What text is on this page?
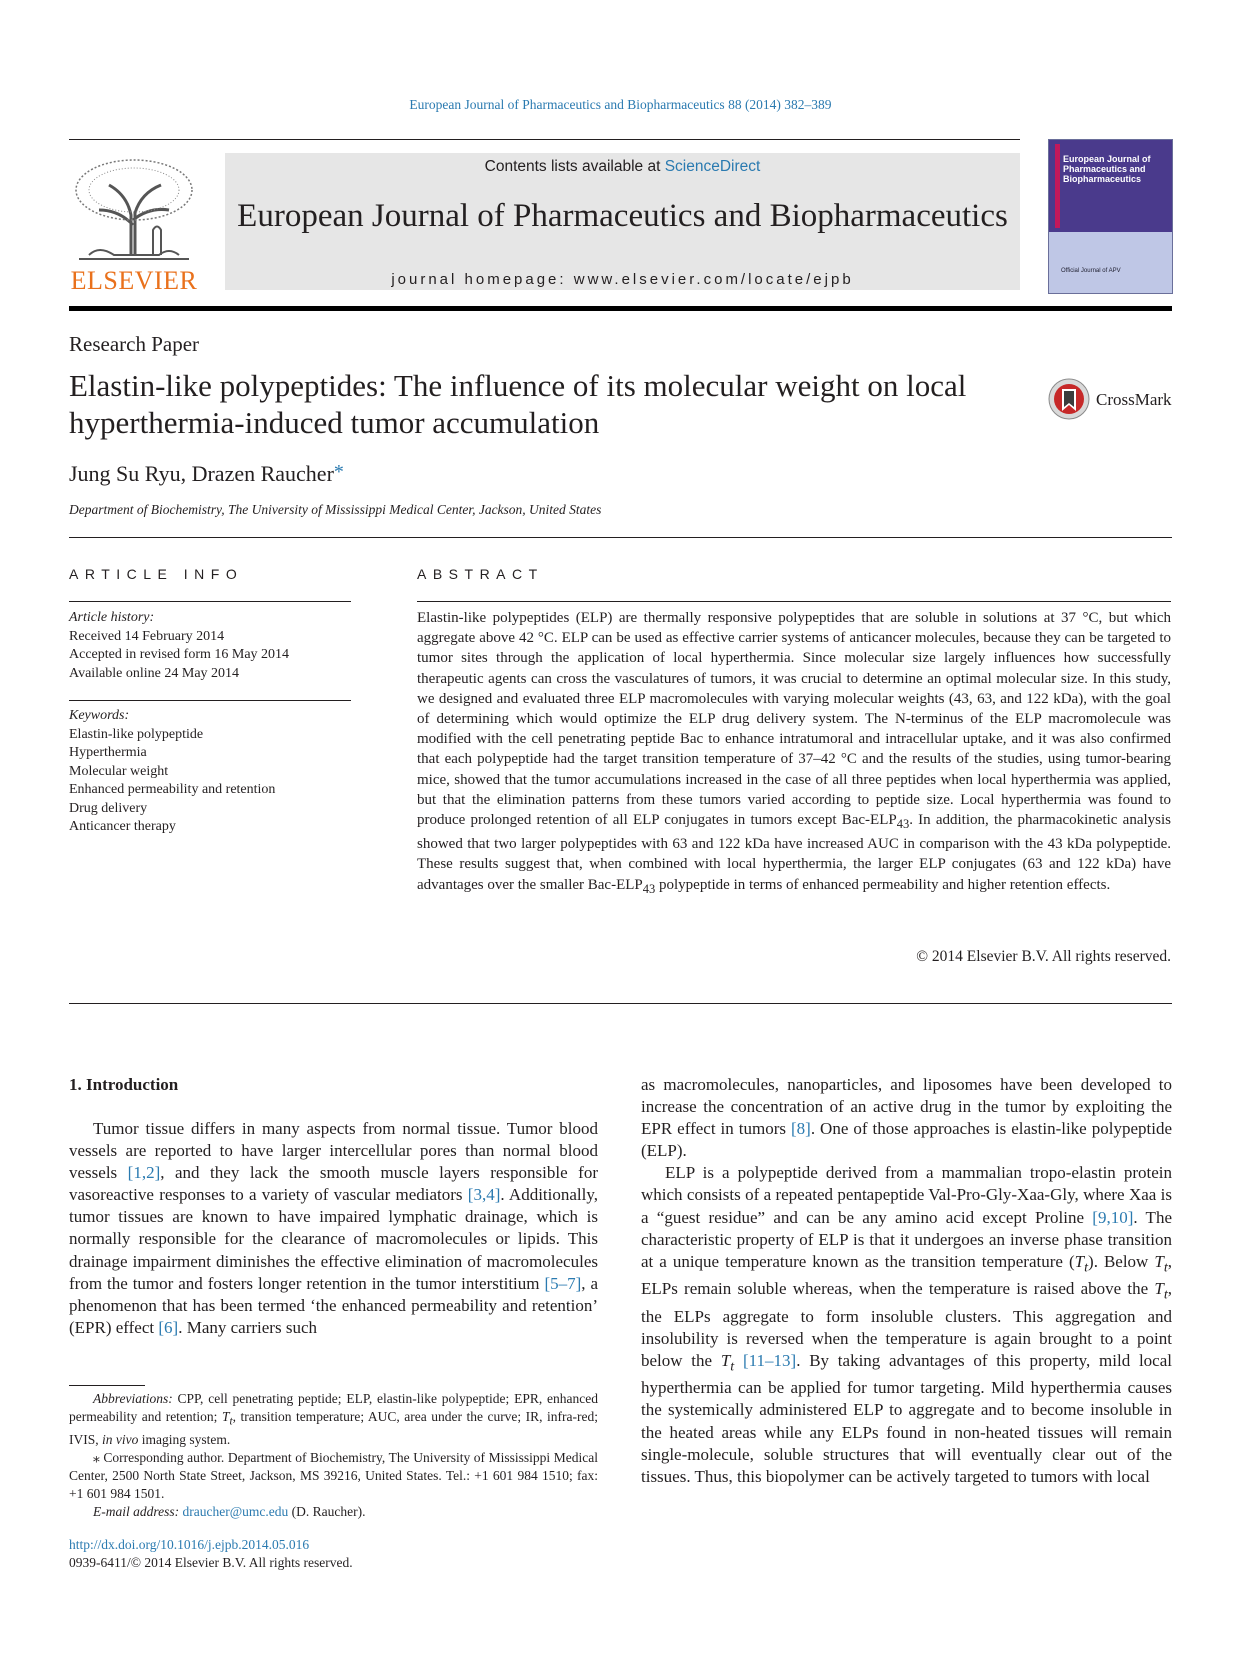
European Journal of Pharmaceutics and Biopharmaceutics 88 (2014) 382–389
ELSEVIER
Contents lists available at ScienceDirect
European Journal of Pharmaceutics and Biopharmaceutics
journal homepage: www.elsevier.com/locate/ejpb
European Journal of Pharmaceutics and Biopharmaceutics
Official Journal of APV
Research Paper
Elastin-like polypeptides: The influence of its molecular weight on local hyperthermia-induced tumor accumulation
CrossMark
Jung Su Ryu, Drazen Raucher*
Department of Biochemistry, The University of Mississippi Medical Center, Jackson, United States
ARTICLE INFO
Article history:
Received 14 February 2014
Accepted in revised form 16 May 2014
Available online 24 May 2014
Keywords:
Elastin-like polypeptide
Hyperthermia
Molecular weight
Enhanced permeability and retention
Drug delivery
Anticancer therapy
ABSTRACT
Elastin-like polypeptides (ELP) are thermally responsive polypeptides that are soluble in solutions at 37 °C, but which aggregate above 42 °C. ELP can be used as effective carrier systems of anticancer molecules, because they can be targeted to tumor sites through the application of local hyperthermia. Since molecular size largely influences how successfully therapeutic agents can cross the vasculatures of tumors, it was crucial to determine an optimal molecular size. In this study, we designed and evaluated three ELP macromolecules with varying molecular weights (43, 63, and 122 kDa), with the goal of determining which would optimize the ELP drug delivery system. The N-terminus of the ELP macromolecule was modified with the cell penetrating peptide Bac to enhance intratumoral and intracellular uptake, and it was also confirmed that each polypeptide had the target transition temperature of 37–42 °C and the results of the studies, using tumor-bearing mice, showed that the tumor accumulations increased in the case of all three peptides when local hyperthermia was applied, but that the elimination patterns from these tumors varied according to peptide size. Local hyperthermia was found to produce prolonged retention of all ELP conjugates in tumors except Bac-$ELP_{43}$. In addition, the pharmacokinetic analysis showed that two larger polypeptides with 63 and 122 kDa have increased AUC in comparison with the 43 kDa polypeptide. These results suggest that, when combined with local hyperthermia, the larger ELP conjugates (63 and 122 kDa) have advantages over the smaller Bac-$ELP_{43}$ polypeptide in terms of enhanced permeability and higher retention effects.
© 2014 Elsevier B.V. All rights reserved.
1. Introduction

Tumor tissue differs in many aspects from normal tissue. Tumor blood vessels are reported to have larger intercellular pores than normal blood vessels [1,2], and they lack the smooth muscle layers responsible for vasoreactive responses to a variety of vascular mediators [3,4]. Additionally, tumor tissues are known to have impaired lymphatic drainage, which is normally responsible for the clearance of macromolecules or lipids. This drainage impairment diminishes the effective elimination of macromolecules from the tumor and fosters longer retention in the tumor interstitium [5–7], a phenomenon that has been termed ‘the enhanced permeability and retention’ (EPR) effect [6]. Many carriers such

as macromolecules, nanoparticles, and liposomes have been developed to increase the concentration of an active drug in the tumor by exploiting the EPR effect in tumors [8]. One of those approaches is elastin-like polypeptide (ELP).

ELP is a polypeptide derived from a mammalian tropo-elastin protein which consists of a repeated pentapeptide Val-Pro-Gly-Xaa-Gly, where Xaa is a “guest residue” and can be any amino acid except Proline [9,10]. The characteristic property of ELP is that it undergoes an inverse phase transition at a unique temperature known as the transition temperature $(T_t)$. Below $T_t$, ELPs remain soluble whereas, when the temperature is raised above the $T_t$, the ELPs aggregate to form insoluble clusters. This aggregation and insolubility is reversed when the temperature is again brought to a point below the $T_t$ [11–13]. By taking advantages of this property, mild local hyperthermia can be applied for tumor targeting. Mild hyperthermia causes the systemically administered ELP to aggregate and to become insoluble in the heated areas while any ELPs found in non-heated tissues will remain single-molecule, soluble structures that will eventually clear out of the tissues. Thus, this biopolymer can be actively targeted to tumors with local

Abbreviations: CPP, cell penetrating peptide; ELP, elastin-like polypeptide; EPR, enhanced permeability and retention; $T_t$, transition temperature; AUC, area under the curve; IR, infra-red; IVIS, in vivo imaging system.

⁎ Corresponding author. Department of Biochemistry, The University of Mississippi Medical Center, 2500 North State Street, Jackson, MS 39216, United States. Tel.: +1 601 984 1510; fax: +1 601 984 1501.

E-mail address: draucher@umc.edu (D. Raucher).

http://dx.doi.org/10.1016/j.ejpb.2014.05.016
0939-6411/© 2014 Elsevier B.V. All rights reserved.
